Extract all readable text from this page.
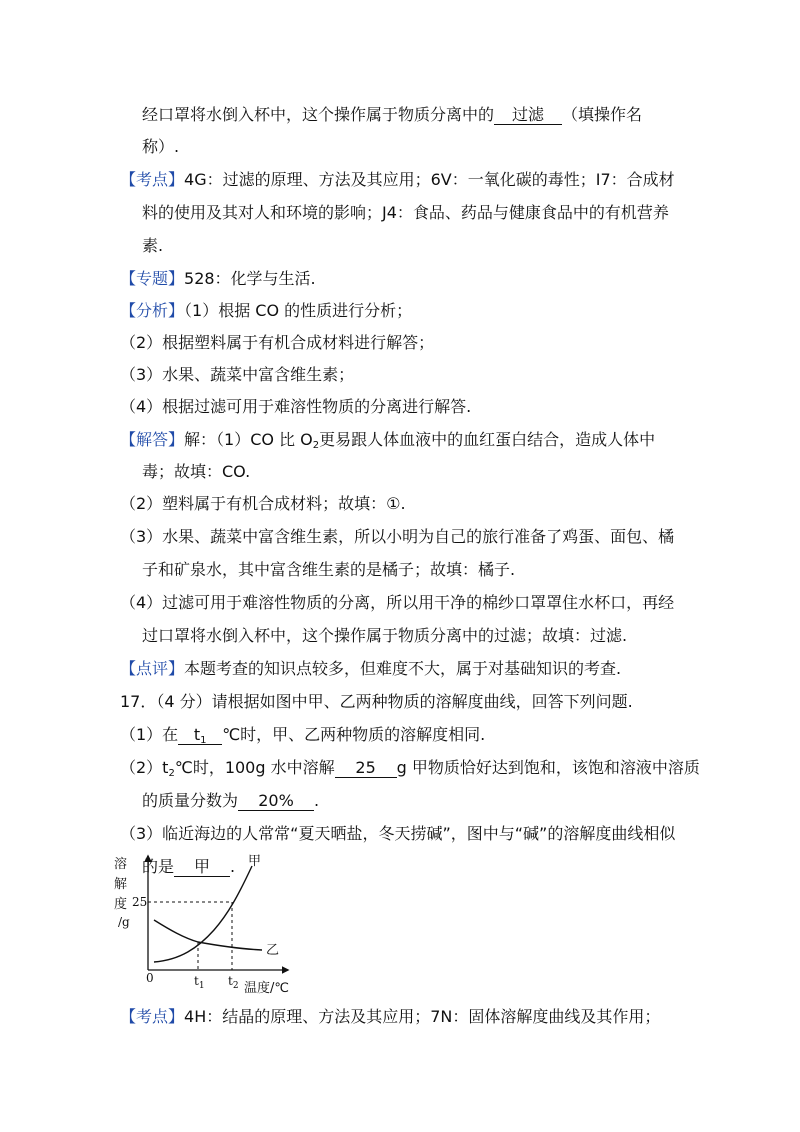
经口罩将水倒入杯中，这个操作属于物质分离中的 过滤 （填操作名
称）.
【考点】4G：过滤的原理、方法及其应用；6V：一氧化碳的毒性；I7：合成材
料的使用及其对人和环境的影响；J4：食品、药品与健康食品中的有机营养
素.
【专题】528：化学与生活.
【分析】（1）根据 CO 的性质进行分析；
（2）根据塑料属于有机合成材料进行解答；
（3）水果、蔬菜中富含维生素；
（4）根据过滤可用于难溶性物质的分离进行解答.
【解答】解：（1）CO 比 $O_2$更易跟人体血液中的血红蛋白结合，造成人体中
毒；故填：CO.
（2）塑料属于有机合成材料；故填：①.
（3）水果、蔬菜中富含维生素，所以小明为自己的旅行准备了鸡蛋、面包、橘
子和矿泉水，其中富含维生素的是橘子；故填：橘子.
（4）过滤可用于难溶性物质的分离，所以用干净的棉纱口罩罩住水杯口，再经
过口罩将水倒入杯中，这个操作属于物质分离中的过滤；故填：过滤.
【点评】本题考查的知识点较多，但难度不大，属于对基础知识的考查.
17．（4 分）请根据如图中甲、乙两种物质的溶解度曲线，回答下列问题.
（1）在 $t_1$ ℃时，甲、乙两种物质的溶解度相同.
$(2)t_2℃$时，100g 水中溶解 25 g 甲物质恰好达到饱和，该饱和溶液中溶质
的质量分数为 20% .
（3）临近海边的人常常“夏天晒盐，冬天捞碱”，图中与“碱”的溶解度曲线相似
的是 甲 .
溶
解
度
/g
25
0	$t_1$ $t_2$ 温度/℃
甲
乙
【考点】4H：结晶的原理、方法及其应用；7N：固体溶解度曲线及其作用；
